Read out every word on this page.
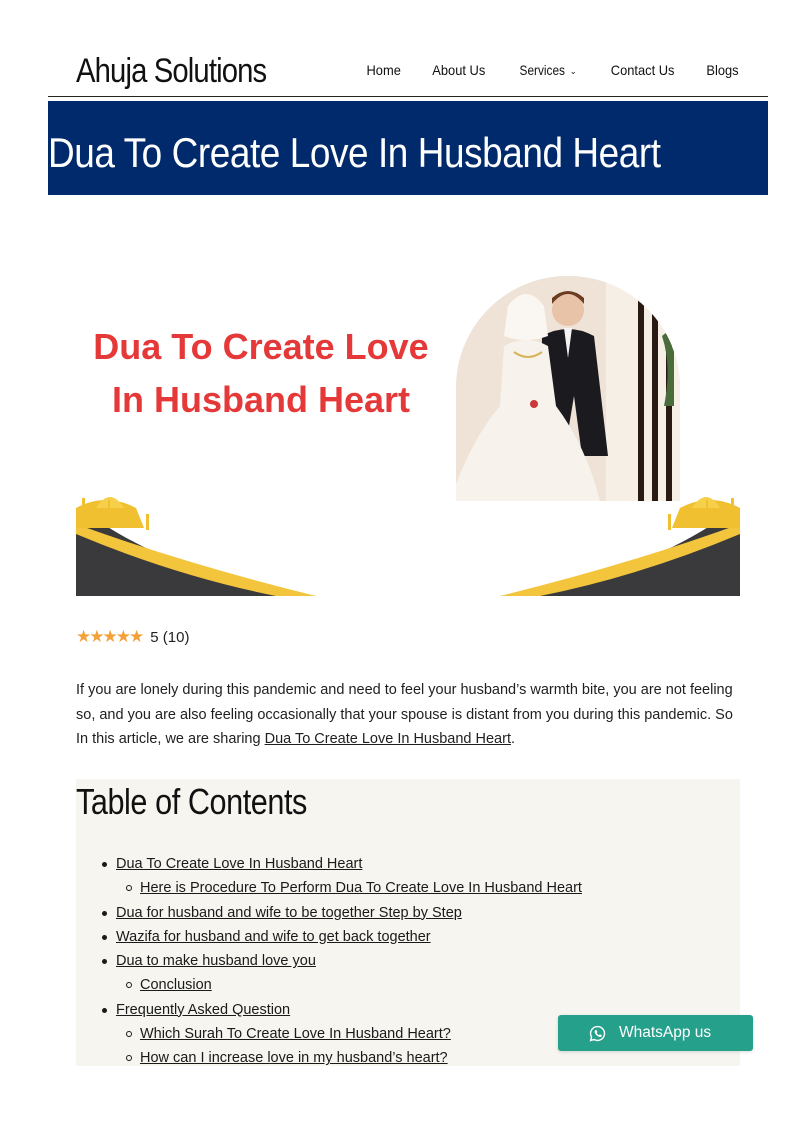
Ahuja Solutions	Home About Us Services ⌄ Contact Us Blogs
Dua To Create Love In Husband Heart
Dua To Create Love
In Husband Heart
★★★★★ 5 (10)

If you are lonely during this pandemic and need to feel your husband’s warmth bite, you are not feeling so, and you are also feeling occasionally that your spouse is distant from you during this pandemic. So In this article, we are sharing Dua To Create Love In Husband Heart.

Table of Contents
Dua To Create Love In Husband Heart
Here is Procedure To Perform Dua To Create Love In Husband Heart
Dua for husband and wife to be together Step by Step
Wazifa for husband and wife to get back together
Dua to make husband love you
Conclusion
Frequently Asked Question
Which Surah To Create Love In Husband Heart?
How can I increase love in my husband’s heart?
WhatsApp us
